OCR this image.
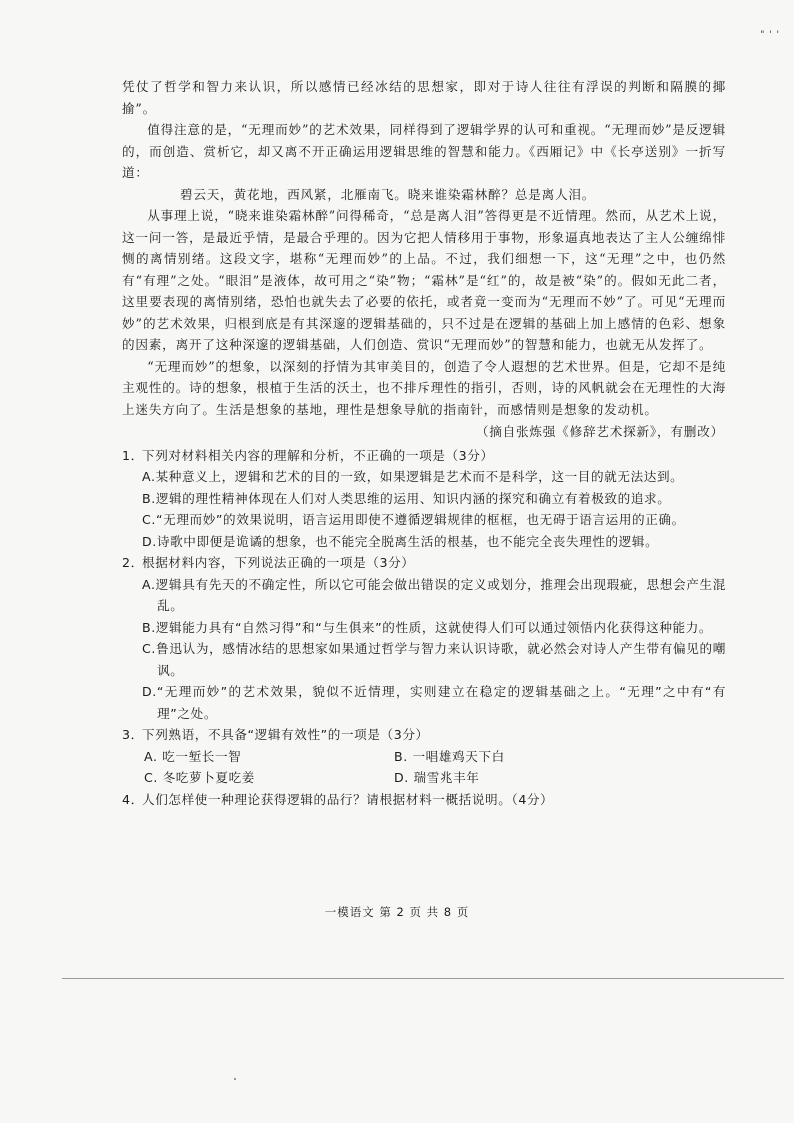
" ' '

凭仗了哲学和智力来认识，所以感情已经冰结的思想家，即对于诗人往往有浮误的判断和隔膜的揶揄”。

值得注意的是，“无理而妙”的艺术效果，同样得到了逻辑学界的认可和重视。“无理而妙”是反逻辑的，而创造、赏析它，却又离不开正确运用逻辑思维的智慧和能力。《西厢记》中《长亭送别》一折写道：

碧云天，黄花地，西风紧，北雁南飞。晓来谁染霜林醉？总是离人泪。

从事理上说，“晓来谁染霜林醉”问得稀奇，“总是离人泪”答得更是不近情理。然而，从艺术上说，这一问一答，是最近乎情，是最合乎理的。因为它把人情移用于事物，形象逼真地表达了主人公缠绵悱恻的离情别绪。这段文字，堪称“无理而妙”的上品。不过，我们细想一下，这“无理”之中，也仍然有“有理”之处。“眼泪”是液体，故可用之“染”物；“霜林”是“红”的，故是被“染”的。假如无此二者，这里要表现的离情别绪，恐怕也就失去了必要的依托，或者竟一变而为“无理而不妙”了。可见“无理而妙”的艺术效果，归根到底是有其深邃的逻辑基础的，只不过是在逻辑的基础上加上感情的色彩、想象的因素，离开了这种深邃的逻辑基础，人们创造、赏识“无理而妙”的智慧和能力，也就无从发挥了。

“无理而妙”的想象，以深刻的抒情为其审美目的，创造了令人遐想的艺术世界。但是，它却不是纯主观性的。诗的想象，根植于生活的沃土，也不排斥理性的指引，否则，诗的风帆就会在无理性的大海上迷失方向了。生活是想象的基地，理性是想象导航的指南针，而感情则是想象的发动机。

（摘自张炼强《修辞艺术探新》，有删改）

1．
下列对材料相关内容的理解和分析，不正确的一项是（3分）
A.某种意义上，逻辑和艺术的目的一致，如果逻辑是艺术而不是科学，这一目的就无法达到。
B.逻辑的理性精神体现在人们对人类思维的运用、知识内涵的探究和确立有着极致的追求。
C.“无理而妙”的效果说明，语言运用即使不遵循逻辑规律的框框，也无碍于语言运用的正确。
D.诗歌中即便是诡谲的想象，也不能完全脱离生活的根基，也不能完全丧失理性的逻辑。
2．
根据材料内容，下列说法正确的一项是（3分）
A.逻辑具有先天的不确定性，所以它可能会做出错误的定义或划分，推理会出现瑕疵，思想会产生混乱。
B.逻辑能力具有“自然习得”和“与生俱来”的性质，这就使得人们可以通过领悟内化获得这种能力。
C.鲁迅认为，感情冰结的思想家如果通过哲学与智力来认识诗歌，就必然会对诗人产生带有偏见的嘲讽。
D.“无理而妙”的艺术效果，貌似不近情理，实则建立在稳定的逻辑基础之上。“无理”之中有“有理”之处。
3．
下列熟语，不具备“逻辑有效性”的一项是（3分）
A. 吃一堑长一智	B. 一唱雄鸡天下白
C. 冬吃萝卜夏吃姜	D. 瑞雪兆丰年
4．
人们怎样使一种理论获得逻辑的品行？请根据材料一概括说明。（4分）
一模语文 第 2 页 共 8 页
